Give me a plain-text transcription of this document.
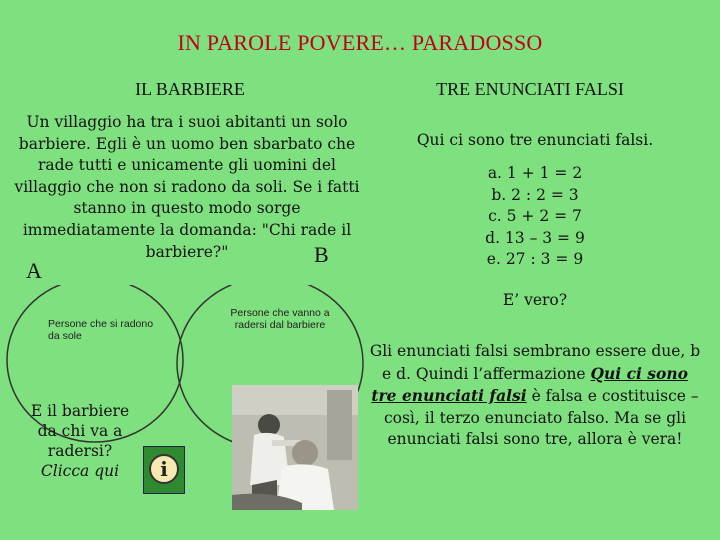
IN PAROLE POVERE… PARADOSSO
IL BARBIERE	TRE ENUNCIATI FALSI
Un villaggio ha tra i suoi abitanti un solo barbiere. Egli è un uomo ben sbarbato che rade tutti e unicamente gli uomini del villaggio che non si radono da soli. Se i fatti stanno in questo modo sorge immediatamente la domanda: "Chi rade il barbiere?"
A
B
Persone che si radono da sole
Persone che vanno a radersi dal barbiere
E il barbiere da chi va a radersi?
Clicca qui	i
Qui ci sono tre enunciati falsi.
a. 1 + 1 = 2
b. 2 : 2 = 3
c. 5 + 2 = 7
d. 13 – 3 = 9
e. 27 : 3 = 9
E’ vero?
Gli enunciati falsi sembrano essere due, b e d. Quindi l’affermazione Qui ci sono tre enunciati falsi è falsa e costituisce – così, il terzo enunciato falso. Ma se gli enunciati falsi sono tre, allora è vera!
